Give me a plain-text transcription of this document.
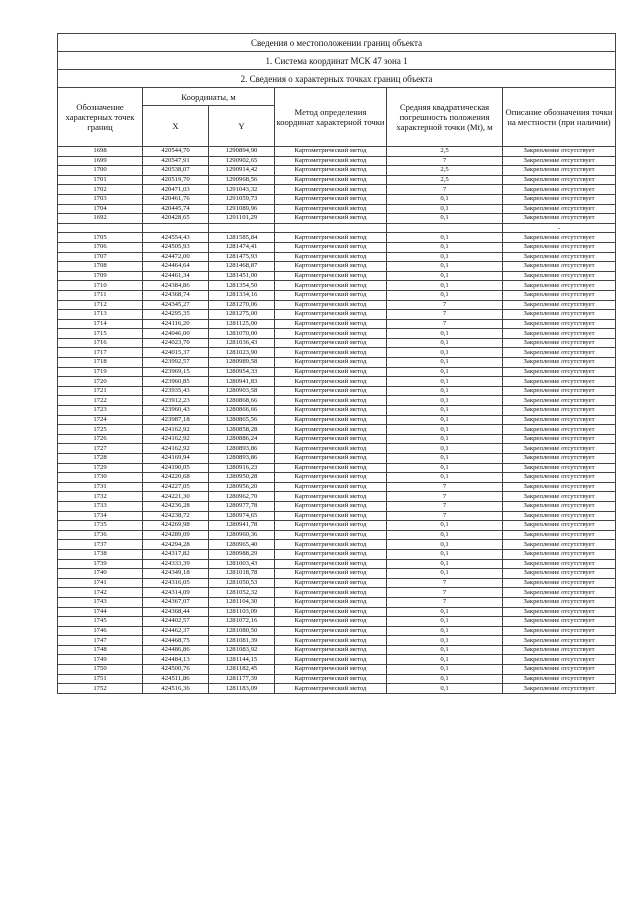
Сведения о местоположении границ объекта					
1. Система координат МСК 47 зона 1					
2. Сведения о характерных точках границ объекта					
Обозначение характерных точек границ	Координаты, м		Метод определения координат характерной точки	Средняя квадратическая погрешность положения характерной точки (Mt), м	Описание обозначения точки на местности (при наличии)
	X	Y			
1698	420544,70	1290894,90	Картометрический метод	2,5	Закрепление отсутствует
1699	420547,91	1290902,65	Картометрический метод	7	Закрепление отсутствует
1700	420538,07	1290914,42	Картометрический метод	2,5	Закрепление отсутствует
1701	420519,70	1290968,56	Картометрический метод	2,5	Закрепление отсутствует
1702	420471,03	1291043,32	Картометрический метод	7	Закрепление отсутствует
1703	420461,76	1291059,73	Картометрический метод	0,1	Закрепление отсутствует
1704	420445,74	1291089,96	Картометрический метод	0,1	Закрепление отсутствует
1692	420428,65	1291101,29	Картометрический метод	0,1	Закрепление отсутствует
					-
1705	424554,43	1281585,84	Картометрический метод	0,1	Закрепление отсутствует
1706	424505,93	1281474,41	Картометрический метод	0,1	Закрепление отсутствует
1707	424472,00	1281475,93	Картометрический метод	0,1	Закрепление отсутствует
1708	424464,64	1281468,87	Картометрический метод	0,1	Закрепление отсутствует
1709	424461,34	1281451,00	Картометрический метод	0,1	Закрепление отсутствует
1710	424384,86	1281354,50	Картометрический метод	0,1	Закрепление отсутствует
1711	424368,74	1281334,16	Картометрический метод	0,1	Закрепление отсутствует
1712	424345,27	1281270,06	Картометрический метод	7	Закрепление отсутствует
1713	424295,35	1281275,00	Картометрический метод	7	Закрепление отсутствует
1714	424116,20	1281125,00	Картометрический метод	7	Закрепление отсутствует
1715	424046,00	1281070,00	Картометрический метод	0,1	Закрепление отсутствует
1716	424023,70	1281036,43	Картометрический метод	0,1	Закрепление отсутствует
1717	424015,37	1281023,90	Картометрический метод	0,1	Закрепление отсутствует
1718	423992,57	1280989,58	Картометрический метод	0,1	Закрепление отсутствует
1719	423969,15	1280954,33	Картометрический метод	0,1	Закрепление отсутствует
1720	423960,85	1280941,83	Картометрический метод	0,1	Закрепление отсутствует
1721	423935,43	1280903,58	Картометрический метод	0,1	Закрепление отсутствует
1722	423912,23	1280868,66	Картометрический метод	0,1	Закрепление отсутствует
1723	423960,43	1280866,66	Картометрический метод	0,1	Закрепление отсутствует
1724	423987,18	1280865,56	Картометрический метод	0,1	Закрепление отсутствует
1725	424162,92	1280858,28	Картометрический метод	0,1	Закрепление отсутствует
1726	424162,92	1280886,24	Картометрический метод	0,1	Закрепление отсутствует
1727	424162,92	1280893,86	Картометрический метод	0,1	Закрепление отсутствует
1728	424169,94	1280893,86	Картометрический метод	0,1	Закрепление отсутствует
1729	424190,05	1280916,23	Картометрический метод	0,1	Закрепление отсутствует
1730	424220,68	1280950,28	Картометрический метод	0,1	Закрепление отсутствует
1731	424227,05	1280956,20	Картометрический метод	7	Закрепление отсутствует
1732	424221,30	1280962,70	Картометрический метод	7	Закрепление отсутствует
1733	424236,28	1280977,78	Картометрический метод	7	Закрепление отсутствует
1734	424238,72	1280974,65	Картометрический метод	7	Закрепление отсутствует
1735	424269,98	1280941,78	Картометрический метод	0,1	Закрепление отсутствует
1736	424289,09	1280960,36	Картометрический метод	0,1	Закрепление отсутствует
1737	424294,28	1280965,40	Картометрический метод	0,1	Закрепление отсутствует
1738	424317,82	1280988,29	Картометрический метод	0,1	Закрепление отсутствует
1739	424333,39	1281003,43	Картометрический метод	0,1	Закрепление отсутствует
1740	424349,18	1281018,78	Картометрический метод	0,1	Закрепление отсутствует
1741	424316,05	1281050,53	Картометрический метод	7	Закрепление отсутствует
1742	424314,09	1281052,32	Картометрический метод	7	Закрепление отсутствует
1743	424367,07	1281104,30	Картометрический метод	7	Закрепление отсутствует
1744	424368,44	1281103,09	Картометрический метод	0,1	Закрепление отсутствует
1745	424402,57	1281072,16	Картометрический метод	0,1	Закрепление отсутствует
1746	424462,37	1281080,50	Картометрический метод	0,1	Закрепление отсутствует
1747	424468,75	1281081,39	Картометрический метод	0,1	Закрепление отсутствует
1748	424486,86	1281083,92	Картометрический метод	0,1	Закрепление отсутствует
1749	424484,13	1281144,15	Картометрический метод	0,1	Закрепление отсутствует
1750	424500,76	1281182,45	Картометрический метод	0,1	Закрепление отсутствует
1751	424511,86	1281177,39	Картометрический метод	0,1	Закрепление отсутствует
1752	424516,36	1281183,09	Картометрический метод	0,1	Закрепление отсутствует
